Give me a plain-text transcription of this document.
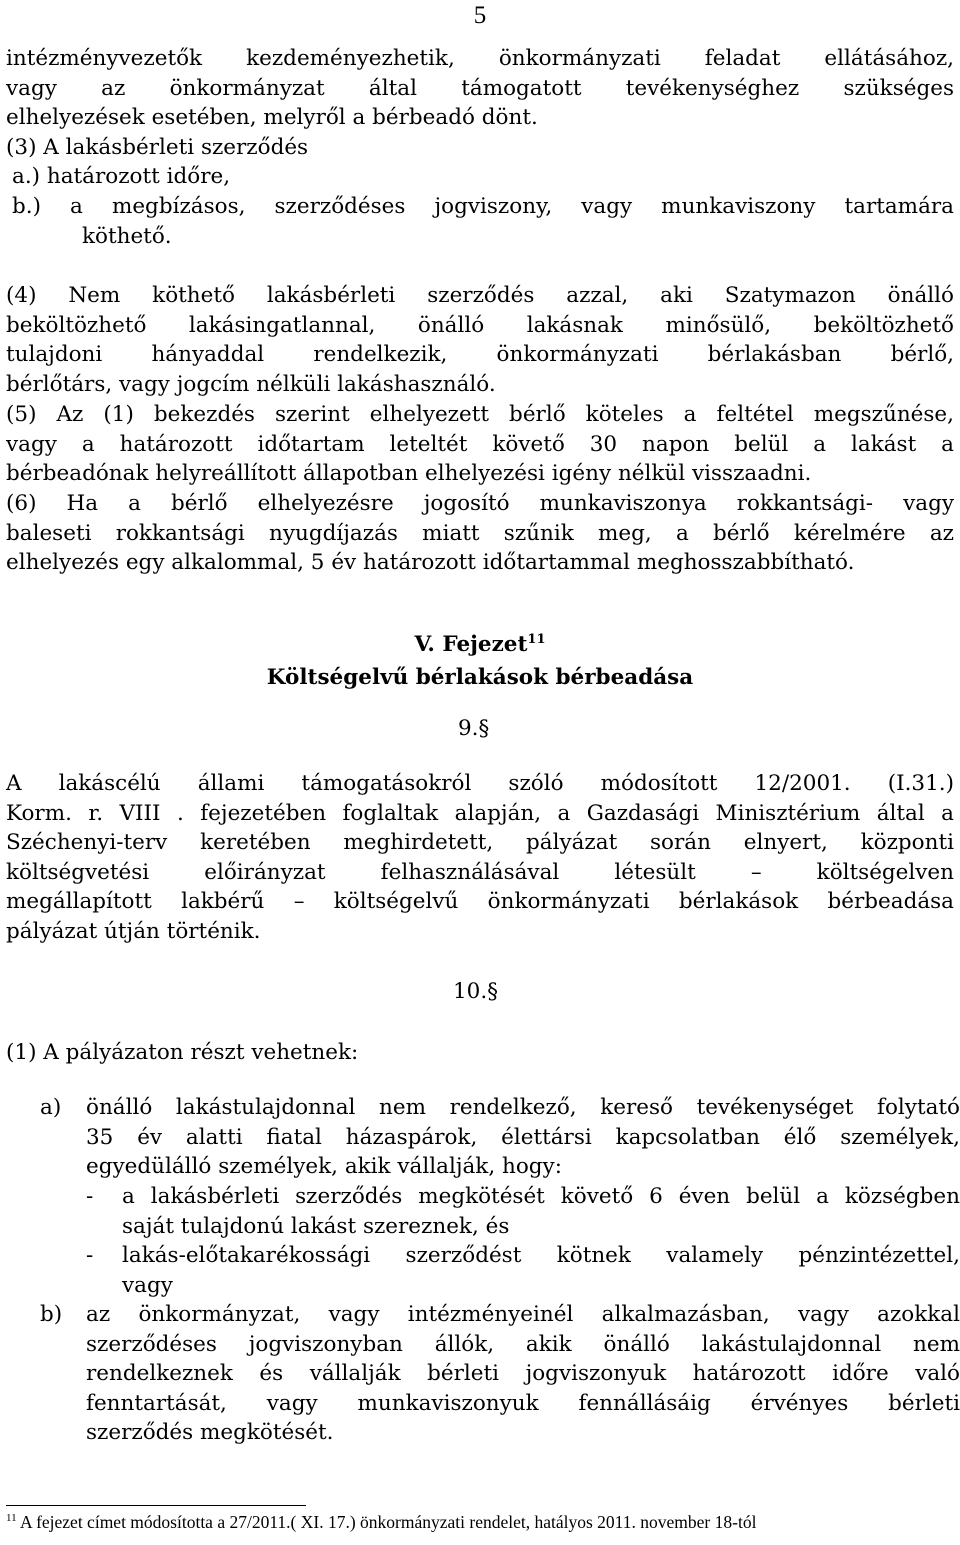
5
intézményvezetők kezdeményezhetik, önkormányzati feladat ellátásához,
vagy az önkormányzat által támogatott tevékenységhez szükséges
elhelyezések esetében, melyről a bérbeadó dönt.
(3) A lakásbérleti szerződés
a.) határozott időre,
b.) a megbízásos, szerződéses jogviszony, vagy munkaviszony tartamára
köthető.
(4) Nem köthető lakásbérleti szerződés azzal, aki Szatymazon önálló
beköltözhető lakásingatlannal, önálló lakásnak minősülő, beköltözhető
tulajdoni hányaddal rendelkezik, önkormányzati bérlakásban bérlő,
bérlőtárs, vagy jogcím nélküli lakáshasználó.
(5) Az (1) bekezdés szerint elhelyezett bérlő köteles a feltétel megszűnése,
vagy a határozott időtartam leteltét követő 30 napon belül a lakást a
bérbeadónak helyreállított állapotban elhelyezési igény nélkül visszaadni.
(6) Ha a bérlő elhelyezésre jogosító munkaviszonya rokkantsági- vagy
baleseti rokkantsági nyugdíjazás miatt szűnik meg, a bérlő kérelmére az
elhelyezés egy alkalommal, 5 év határozott időtartammal meghosszabbítható.
V. Fejezet$^{11}$
Költségelvű bérlakások bérbeadása
9.§
A lakáscélú állami támogatásokról szóló módosított 12/2001. (I.31.)
Korm. r. VIII . fejezetében foglaltak alapján, a Gazdasági Minisztérium által a
Széchenyi-terv keretében meghirdetett, pályázat során elnyert, központi
költségvetési előirányzat felhasználásával létesült – költségelven
megállapított lakbérű – költségelvű önkormányzati bérlakások bérbeadása
pályázat útján történik.
10.§
(1) A pályázaton részt vehetnek:
a) önálló lakástulajdonnal nem rendelkező, kereső tevékenységet folytató
35 év alatti fiatal házaspárok, élettársi kapcsolatban élő személyek,
egyedülálló személyek, akik vállalják, hogy:
- a lakásbérleti szerződés megkötését követő 6 éven belül a községben
saját tulajdonú lakást szereznek, és
- lakás-előtakarékossági szerződést kötnek valamely pénzintézettel,
vagy
b) az önkormányzat, vagy intézményeinél alkalmazásban, vagy azokkal
szerződéses jogviszonyban állók, akik önálló lakástulajdonnal nem
rendelkeznek és vállalják bérleti jogviszonyuk határozott időre való
fenntartását, vagy munkaviszonyuk fennállásáig érvényes bérleti
szerződés megkötését.
$^{11}$ A fejezet címet módosította a 27/2011.( XI. 17.) önkormányzati rendelet, hatályos 2011. november 18-tól
